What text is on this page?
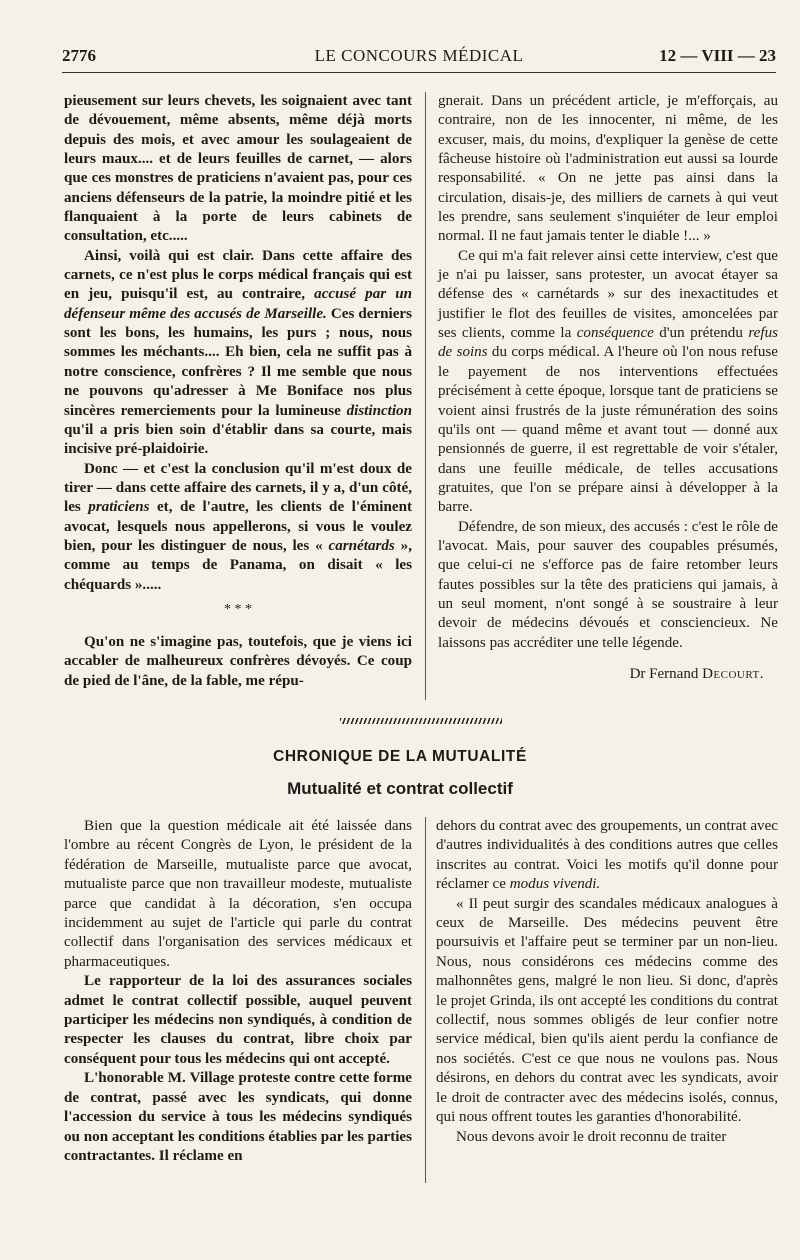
2776	LE CONCOURS MÉDICAL	12 — VIII — 23

pieusement sur leurs chevets, les soignaient avec tant de dévouement, même absents, même déjà morts depuis des mois, et avec amour les soulageaient de leurs maux.... et de leurs feuilles de carnet, — alors que ces monstres de praticiens n'avaient pas, pour ces anciens défenseurs de la patrie, la moindre pitié et les flanquaient à la porte de leurs cabinets de consultation, etc.....

Ainsi, voilà qui est clair. Dans cette affaire des carnets, ce n'est plus le corps médical français qui est en jeu, puisqu'il est, au contraire, accusé par un défenseur même des accusés de Marseille. Ces derniers sont les bons, les humains, les purs ; nous, nous sommes les méchants.... Eh bien, cela ne suffit pas à notre conscience, confrères ? Il me semble que nous ne pouvons qu'adresser à Me Boniface nos plus sincères remerciements pour la lumineuse distinction qu'il a pris bien soin d'établir dans sa courte, mais incisive pré-plaidoirie.

Donc — et c'est la conclusion qu'il m'est doux de tirer — dans cette affaire des carnets, il y a, d'un côté, les praticiens et, de l'autre, les clients de l'éminent avocat, lesquels nous appellerons, si vous le voulez bien, pour les distinguer de nous, les « carnétards », comme au temps de Panama, on disait « les chéquards ».....

* * *

Qu'on ne s'imagine pas, toutefois, que je viens ici accabler de malheureux confrères dévoyés. Ce coup de pied de l'âne, de la fable, me répu-

gnerait. Dans un précédent article, je m'efforçais, au contraire, non de les innocenter, ni même, de les excuser, mais, du moins, d'expliquer la genèse de cette fâcheuse histoire où l'administration eut aussi sa lourde responsabilité. « On ne jette pas ainsi dans la circulation, disais-je, des milliers de carnets à qui veut les prendre, sans seulement s'inquiéter de leur emploi normal. Il ne faut jamais tenter le diable !... »

Ce qui m'a fait relever ainsi cette interview, c'est que je n'ai pu laisser, sans protester, un avocat étayer sa défense des « carnétards » sur des inexactitudes et justifier le flot des feuilles de visites, amoncelées par ses clients, comme la conséquence d'un prétendu refus de soins du corps médical. A l'heure où l'on nous refuse le payement de nos interventions effectuées précisément à cette époque, lorsque tant de praticiens se voient ainsi frustrés de la juste rémunération des soins qu'ils ont — quand même et avant tout — donné aux pensionnés de guerre, il est regrettable de voir s'étaler, dans une feuille médicale, de telles accusations gratuites, que l'on se prépare ainsi à développer à la barre.

Défendre, de son mieux, des accusés : c'est le rôle de l'avocat. Mais, pour sauver des coupables présumés, que celui-ci ne s'efforce pas de faire retomber leurs fautes possibles sur la tête des praticiens qui jamais, à un seul moment, n'ont songé à se soustraire à leur devoir de médecins dévoués et consciencieux. Ne laissons pas accréditer une telle légende.

Dr Fernand Decourt.
CHRONIQUE DE LA MUTUALITÉ
Mutualité et contrat collectif

Bien que la question médicale ait été laissée dans l'ombre au récent Congrès de Lyon, le président de la fédération de Marseille, mutualiste parce que avocat, mutualiste parce que non travailleur modeste, mutualiste parce que candidat à la décoration, s'en occupa incidemment au sujet de l'article qui parle du contrat collectif dans l'organisation des services médicaux et pharmaceutiques.

Le rapporteur de la loi des assurances sociales admet le contrat collectif possible, auquel peuvent participer les médecins non syndiqués, à condition de respecter les clauses du contrat, libre choix par conséquent pour tous les médecins qui ont accepté.

L'honorable M. Village proteste contre cette forme de contrat, passé avec les syndicats, qui donne l'accession du service à tous les médecins syndiqués ou non acceptant les conditions établies par les parties contractantes. Il réclame en

dehors du contrat avec des groupements, un contrat avec d'autres individualités à des conditions autres que celles inscrites au contrat. Voici les motifs qu'il donne pour réclamer ce modus vivendi.

« Il peut surgir des scandales médicaux analogues à ceux de Marseille. Des médecins peuvent être poursuivis et l'affaire peut se terminer par un non-lieu. Nous, nous considérons ces médecins comme des malhonnêtes gens, malgré le non lieu. Si donc, d'après le projet Grinda, ils ont accepté les conditions du contrat collectif, nous sommes obligés de leur confier notre service médical, bien qu'ils aient perdu la confiance de nos sociétés. C'est ce que nous ne voulons pas. Nous désirons, en dehors du contrat avec les syndicats, avoir le droit de contracter avec des médecins isolés, connus, qui nous offrent toutes les garanties d'honorabilité.

Nous devons avoir le droit reconnu de traiter
